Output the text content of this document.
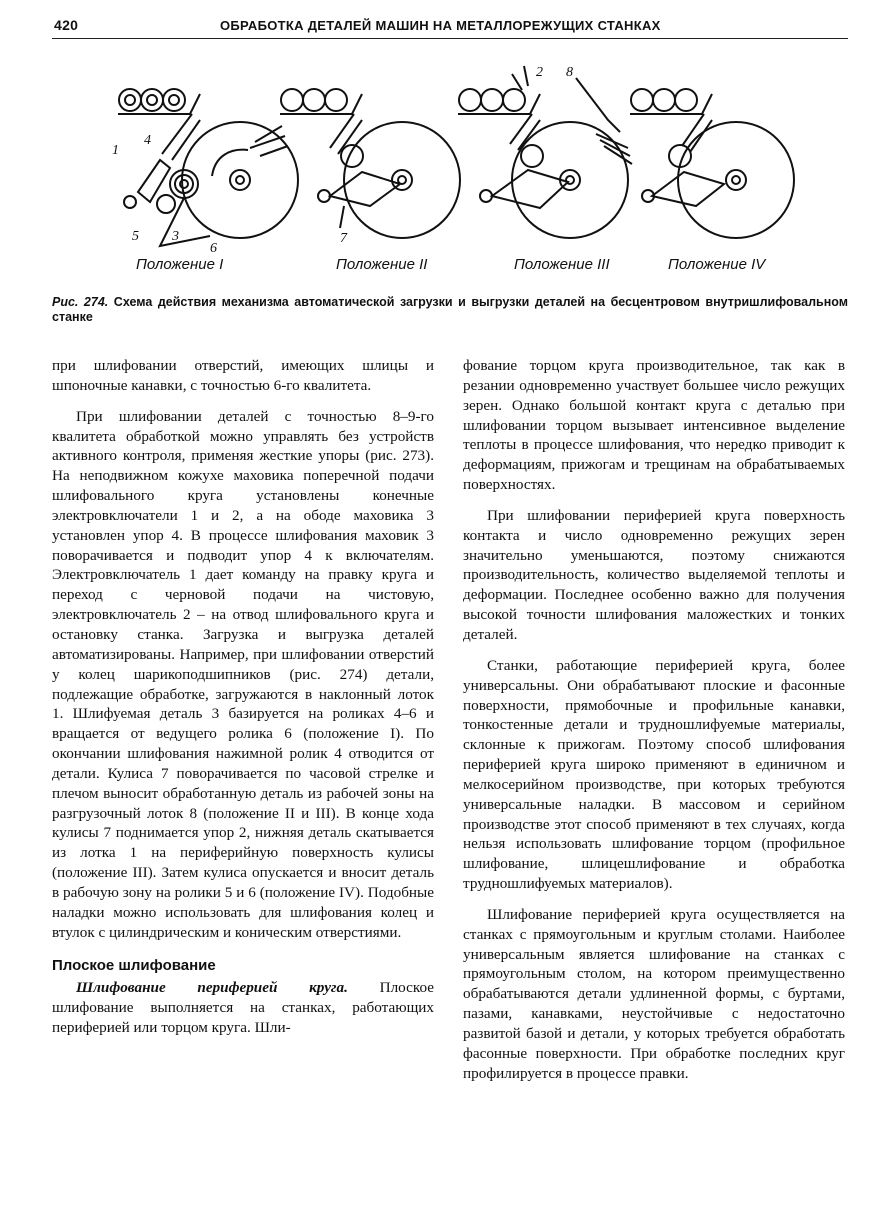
420	ОБРАБОТКА ДЕТАЛЕЙ МАШИН НА МЕТАЛЛОРЕЖУЩИХ СТАНКАХ
1
4
5 3
6
7
2 8
Положение I	Положение II	Положение III	Положение IV
Рис. 274. Схема действия механизма автоматической загрузки и выгрузки деталей на бесцентровом внутришлифовальном станке

при шлифовании отверстий, имеющих шлицы и шпоночные канавки, с точностью 6-го квалитета.

При шлифовании деталей с точностью 8–9-го квалитета обработкой можно управлять без устройств активного контроля, применяя жесткие упоры (рис. 273). На неподвижном кожухе маховика поперечной подачи шлифовального круга установлены конечные электровключатели 1 и 2, а на ободе маховика 3 установлен упор 4. В процессе шлифования маховик 3 поворачивается и подводит упор 4 к включателям. Электровключатель 1 дает команду на правку круга и переход с черновой подачи на чистовую, электровключатель 2 – на отвод шлифовального круга и остановку станка. Загрузка и выгрузка деталей автоматизированы. Например, при шлифовании отверстий у колец шарикоподшипников (рис. 274) детали, подлежащие обработке, загружаются в наклонный лоток 1. Шлифуемая деталь 3 базируется на роликах 4–6 и вращается от ведущего ролика 6 (положение I). По окончании шлифования нажимной ролик 4 отводится от детали. Кулиса 7 поворачивается по часовой стрелке и плечом выносит обработанную деталь из рабочей зоны на разгрузочный лоток 8 (положение II и III). В конце хода кулисы 7 поднимается упор 2, нижняя деталь скатывается из лотка 1 на периферийную поверхность кулисы (положение III). Затем кулиса опускается и вносит деталь в рабочую зону на ролики 5 и 6 (положение IV). Подобные наладки можно использовать для шлифования колец и втулок с цилиндрическим и коническим отверстиями.

Плоское шлифование

Шлифование периферией круга. Плоское шлифование выполняется на станках, работающих периферией или торцом круга. Шли-

фование торцом круга производительное, так как в резании одновременно участвует большее число режущих зерен. Однако большой контакт круга с деталью при шлифовании торцом вызывает интенсивное выделение теплоты в процессе шлифования, что нередко приводит к деформациям, прижогам и трещинам на обрабатываемых поверхностях.

При шлифовании периферией круга поверхность контакта и число одновременно режущих зерен значительно уменьшаются, поэтому снижаются производительность, количество выделяемой теплоты и деформации. Последнее особенно важно для получения высокой точности шлифования маложестких и тонких деталей.

Станки, работающие периферией круга, более универсальны. Они обрабатывают плоские и фасонные поверхности, прямобочные и профильные канавки, тонкостенные детали и трудношлифуемые материалы, склонные к прижогам. Поэтому способ шлифования периферией круга широко применяют в единичном и мелкосерийном производстве, при которых требуются универсальные наладки. В массовом и серийном производстве этот способ применяют в тех случаях, когда нельзя использовать шлифование торцом (профильное шлифование, шлицешлифование и обработка трудношлифуемых материалов).

Шлифование периферией круга осуществляется на станках с прямоугольным и круглым столами. Наиболее универсальным является шлифование на станках с прямоугольным столом, на котором преимущественно обрабатываются детали удлиненной формы, с буртами, пазами, канавками, неустойчивые с недостаточно развитой базой и детали, у которых требуется обработать фасонные поверхности. При обработке последних круг профилируется в процессе правки.
